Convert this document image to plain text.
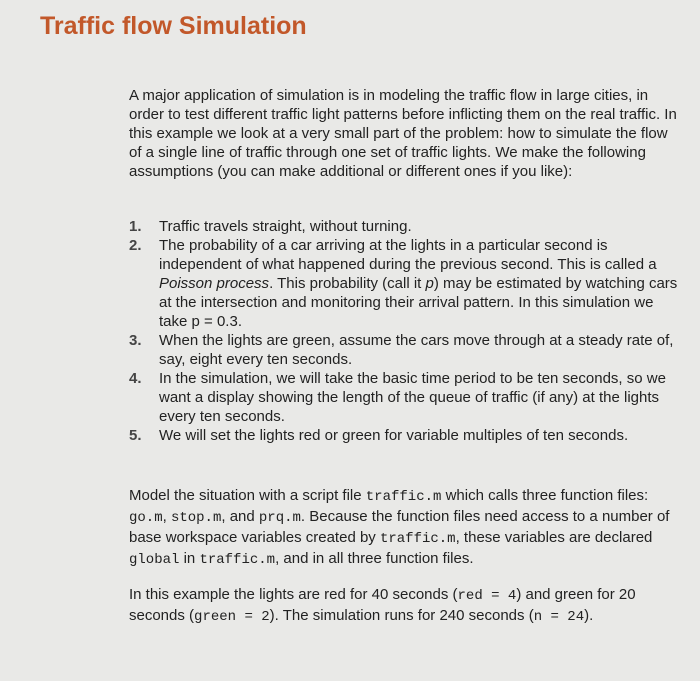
Traffic flow Simulation
A major application of simulation is in modeling the traffic flow in large cities, in order to test different traffic light patterns before inflicting them on the real traffic. In this example we look at a very small part of the problem: how to simulate the flow of a single line of traffic through one set of traffic lights. We make the following assumptions (you can make additional or different ones if you like):
1. Traffic travels straight, without turning.
2. The probability of a car arriving at the lights in a particular second is independent of what happened during the previous second. This is called a Poisson process. This probability (call it p) may be estimated by watching cars at the intersection and monitoring their arrival pattern. In this simulation we take p = 0.3.
3. When the lights are green, assume the cars move through at a steady rate of, say, eight every ten seconds.
4. In the simulation, we will take the basic time period to be ten seconds, so we want a display showing the length of the queue of traffic (if any) at the lights every ten seconds.
5. We will set the lights red or green for variable multiples of ten seconds.
Model the situation with a script file traffic.m which calls three function files: go.m, stop.m, and prq.m. Because the function files need access to a number of base workspace variables created by traffic.m, these variables are declared global in traffic.m, and in all three function files.
In this example the lights are red for 40 seconds (red = 4) and green for 20 seconds (green = 2). The simulation runs for 240 seconds (n = 24).
